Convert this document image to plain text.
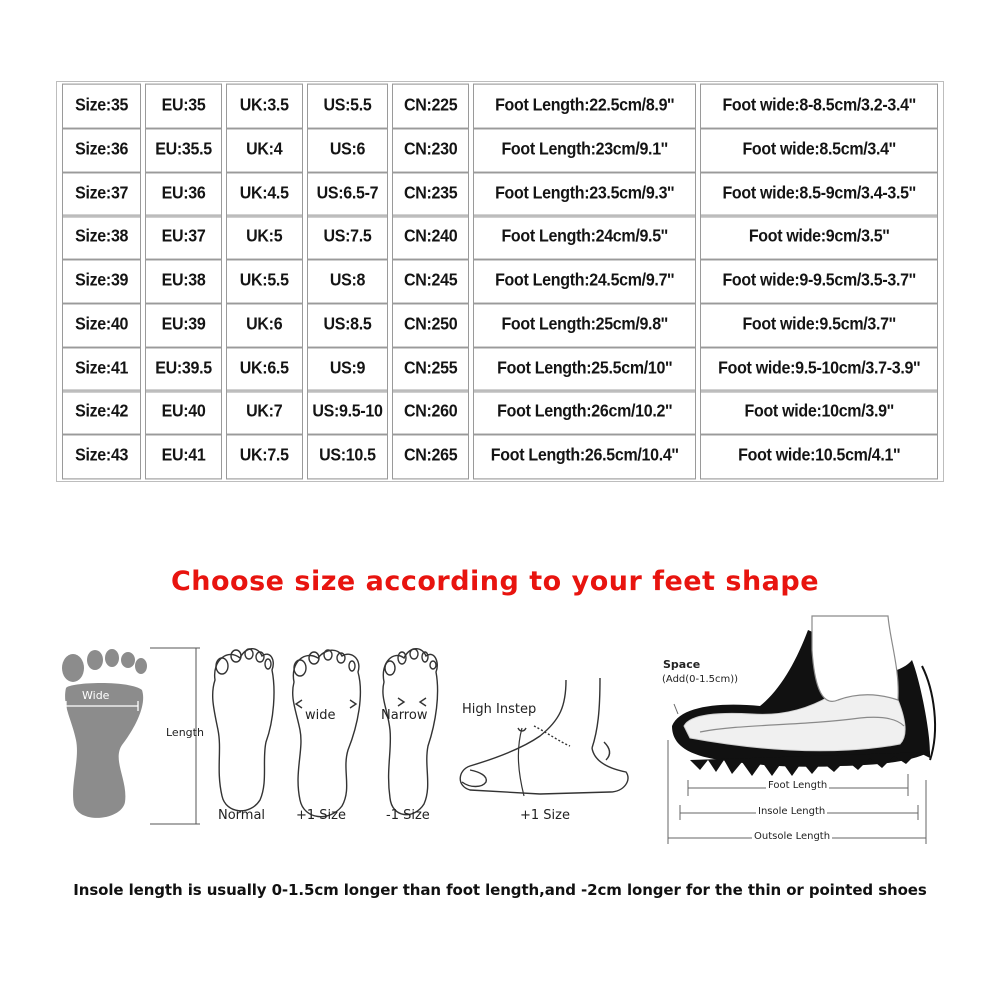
Size:35	EU:35	UK:3.5	US:5.5	CN:225	Foot Length:22.5cm/8.9''	Foot wide:8-8.5cm/3.2-3.4''
Size:36	EU:35.5	UK:4	US:6	CN:230	Foot Length:23cm/9.1''	Foot wide:8.5cm/3.4''
Size:37	EU:36	UK:4.5	US:6.5-7	CN:235	Foot Length:23.5cm/9.3''	Foot wide:8.5-9cm/3.4-3.5''
Size:38	EU:37	UK:5	US:7.5	CN:240	Foot Length:24cm/9.5''	Foot wide:9cm/3.5''
Size:39	EU:38	UK:5.5	US:8	CN:245	Foot Length:24.5cm/9.7''	Foot wide:9-9.5cm/3.5-3.7''
Size:40	EU:39	UK:6	US:8.5	CN:250	Foot Length:25cm/9.8''	Foot wide:9.5cm/3.7''
Size:41	EU:39.5	UK:6.5	US:9	CN:255	Foot Length:25.5cm/10''	Foot wide:9.5-10cm/3.7-3.9''
Size:42	EU:40	UK:7	US:9.5-10	CN:260	Foot Length:26cm/10.2''	Foot wide:10cm/3.9''
Size:43	EU:41	UK:7.5	US:10.5	CN:265	Foot Length:26.5cm/10.4''	Foot wide:10.5cm/4.1''
Choose size according to your feet shape
Wide
Length
Normal
wide
+1 Size
Narrow
-1 Size
High Instep
+1 Size
Space
(Add(0-1.5cm))
Foot Length
Insole Length
Outsole Length
Insole length is usually 0-1.5cm longer than foot length,and -2cm longer for the thin or pointed shoes
